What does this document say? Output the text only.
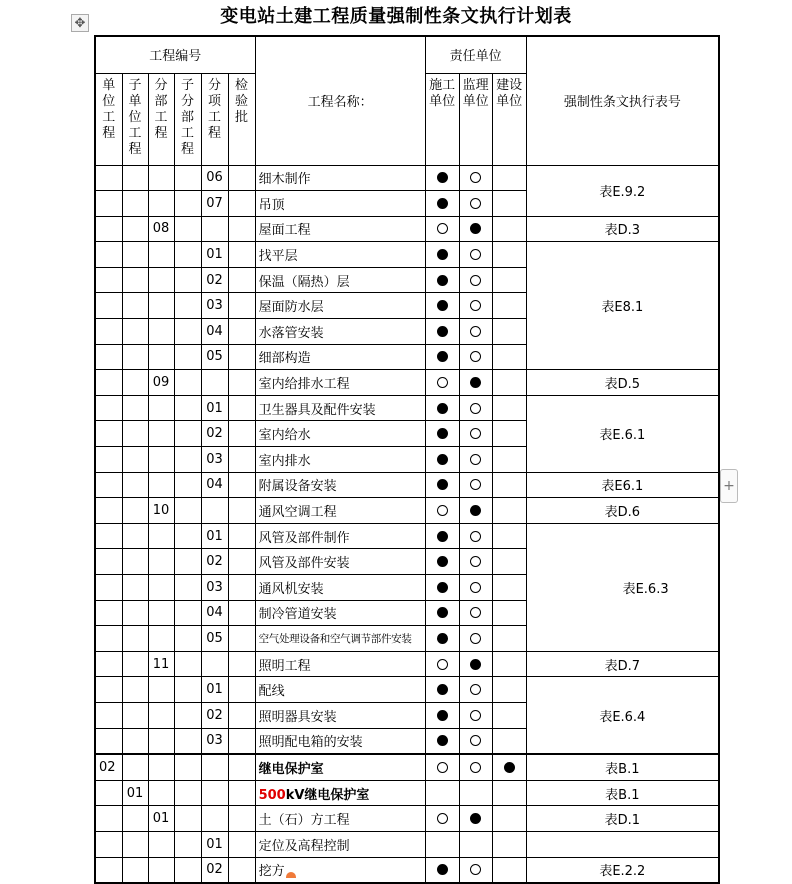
✥	变电站土建工程质量强制性条文执行计划表
+
工程编号						工程名称：	责任单位			强制性条文执行表号
单位工程	子单位工程	分部工程	子分部工程	分项工程	检验批		施工单位	监理单位	建设单位	
				06		细木制作				表E.9.2
				07		吊顶				
		08				屋面工程				表D.3
				01		找平层				表E8.1
				02		保温（隔热）层				
				03		屋面防水层				
				04		水落管安装				
				05		细部构造				
		09				室内给排水工程				表D.5
				01		卫生器具及配件安装				表E.6.1
				02		室内给水				
				03		室内排水				
				04		附属设备安装				表E6.1
		10				通风空调工程				表D.6
				01		风管及部件制作				表E.6.3
				02		风管及部件安装				
				03		通风机安装				
				04		制冷管道安装				
				05		空气处理设备和空气调节部件安装				
		11				照明工程				表D.7
				01		配线				表E.6.4
				02		照明器具安装				
				03		照明配电箱的安装				
02						继电保护室				表B.1
	01					500kV继电保护室				表B.1
		01				土（石）方工程				表D.1
				01		定位及高程控制				
				02		挖方				表E.2.2
